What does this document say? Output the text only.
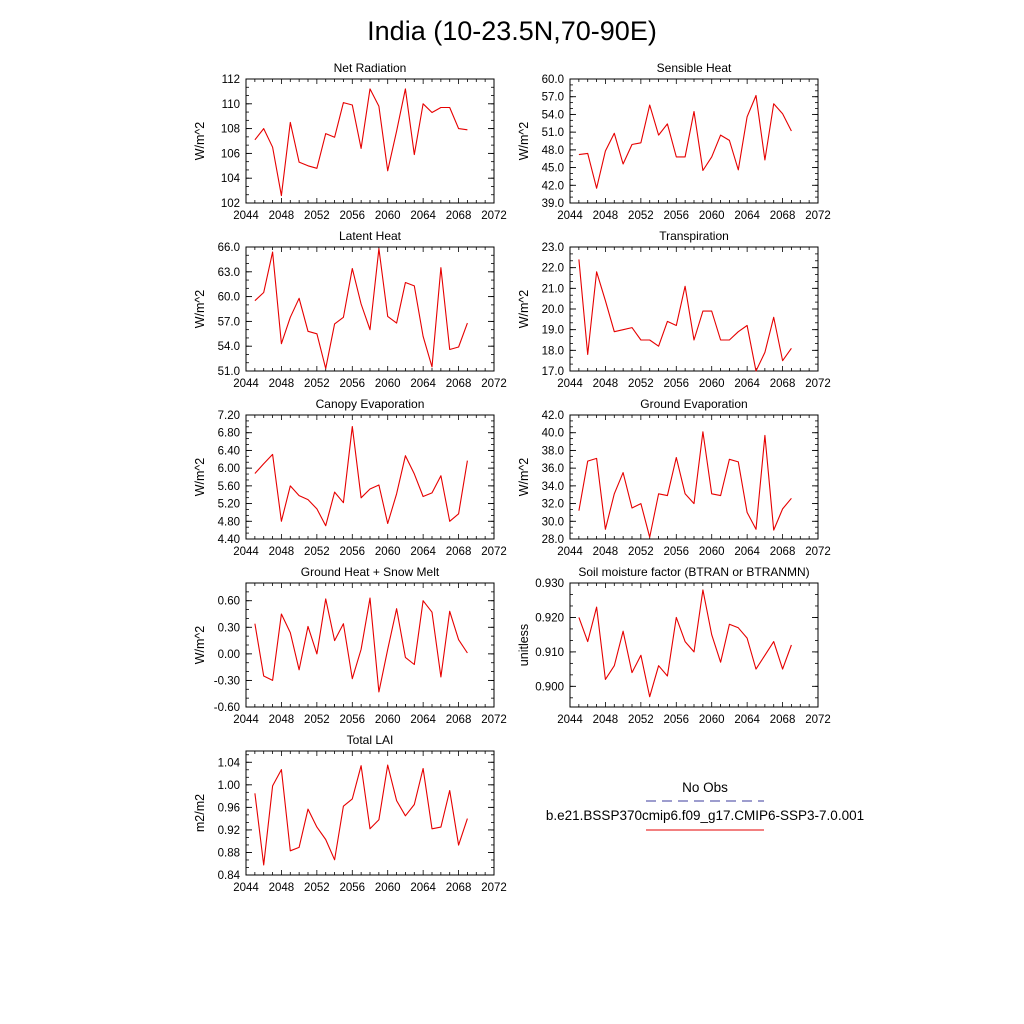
India (10-23.5N,70-90E)
Net Radiation
2044 2048 2052 2056 2060 2064 2068 2072
102
104
106
108
110
112
W/m^2
Sensible Heat
2044 2048 2052 2056 2060 2064 2068 2072
39.0
42.0
45.0
48.0
51.0
54.0
57.0
60.0
W/m^2
Latent Heat
2044 2048 2052 2056 2060 2064 2068 2072
51.0
54.0
57.0
60.0
63.0
66.0
W/m^2
Transpiration
2044 2048 2052 2056 2060 2064 2068 2072
17.0
18.0
19.0
20.0
21.0
22.0
23.0
W/m^2
Canopy Evaporation
2044 2048 2052 2056 2060 2064 2068 2072
4.40
4.80
5.20
5.60
6.00
6.40
6.80
7.20
W/m^2
Ground Evaporation
2044 2048 2052 2056 2060 2064 2068 2072
28.0
30.0
32.0
34.0
36.0
38.0
40.0
42.0
W/m^2
Ground Heat + Snow Melt
2044 2048 2052 2056 2060 2064 2068 2072
-0.60
-0.30
0.00
0.30
0.60
W/m^2
Soil moisture factor (BTRAN or BTRANMN)
2044 2048 2052 2056 2060 2064 2068 2072
0.900
0.910
0.920
0.930
unitless
Total LAI
2044 2048 2052 2056 2060 2064 2068 2072
0.84
0.88
0.92
0.96
1.00
1.04
m2/m2
No Obs
b.e21.BSSP370cmip6.f09_g17.CMIP6-SSP3-7.0.001
